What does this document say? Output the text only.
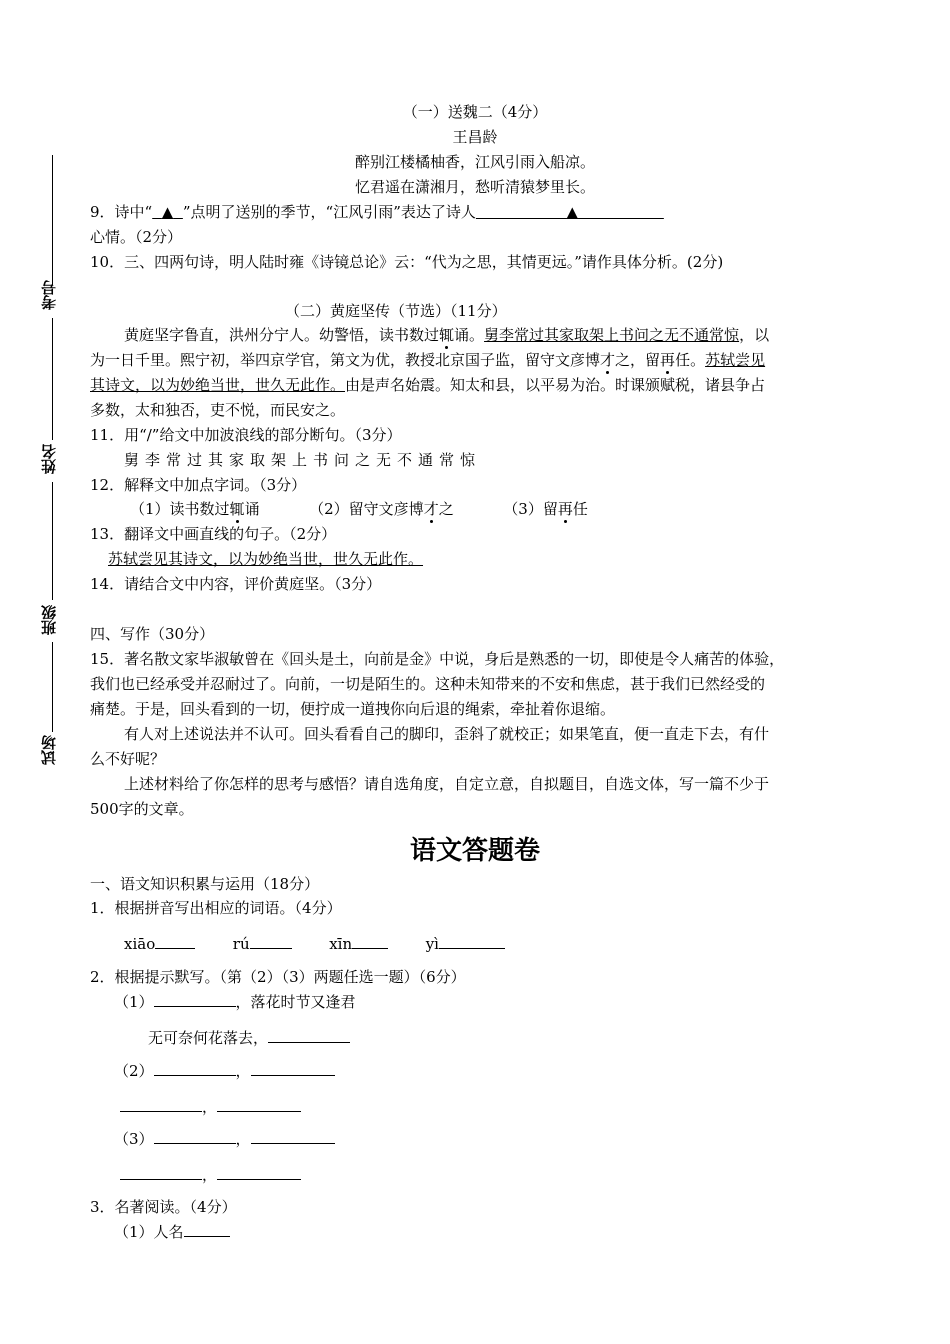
考号
姓名
班级
试场
（一）送魏二（4分）
王昌龄
醉别江楼橘柚香，江风引雨入船凉。
忆君遥在潇湘月，愁听清猿梦里长。
9．诗中“ ▲ ”点明了送别的季节，“江风引雨”表达了诗人	▲
心情。（2分）
10．三、四两句诗，明人陆时雍《诗镜总论》云：“代为之思，其情更远。”请作具体分析。(2分)
（二）黄庭坚传（节选）（11分）
黄庭坚字鲁直，洪州分宁人。幼警悟，读书数过辄诵。舅李常过其家取架上书问之无不通常惊，以
为一日千里。熙宁初，举四京学官，第文为优，教授北京国子监，留守文彦博才之，留再任。苏轼尝见
其诗文，以为妙绝当世，世久无此作。由是声名始震。知太和县，以平易为治。时课颁赋税，诸县争占
多数，太和独否，吏不悦，而民安之。
11．用“/”给文中加波浪线的部分断句。（3分）
舅李常过其家取架上书问之无不通常惊
12．解释文中加点字词。（3分）
（1）读书数过辄诵	（2）留守文彦博才之	（3）留再任
13．翻译文中画直线的句子。（2分）
苏轼尝见其诗文，以为妙绝当世，世久无此作。
14．请结合文中内容，评价黄庭坚。（3分）
四、写作（30分）
15．著名散文家毕淑敏曾在《回头是土，向前是金》中说，身后是熟悉的一切，即使是令人痛苦的体验，
我们也已经承受并忍耐过了。向前，一切是陌生的。这种未知带来的不安和焦虑，甚于我们已然经受的
痛楚。于是，回头看到的一切，便拧成一道拽你向后退的绳索，牵扯着你退缩。
有人对上述说法并不认可。回头看看自己的脚印，歪斜了就校正；如果笔直，便一直走下去，有什
么不好呢？
上述材料给了你怎样的思考与感悟？请自选角度，自定立意，自拟题目，自选文体，写一篇不少于
500字的文章。
语文答题卷
一、语文知识积累与运用（18分）
1．根据拼音写出相应的词语。（4分）
xiāo	rú	xīn	yì
2．根据提示默写。（第（2）（3）两题任选一题）（6分）
（1）	，落花时节又逢君
无可奈何花落去，
（2）	，
，
（3）	，
，
3．名著阅读。（4分）
（1）人名
